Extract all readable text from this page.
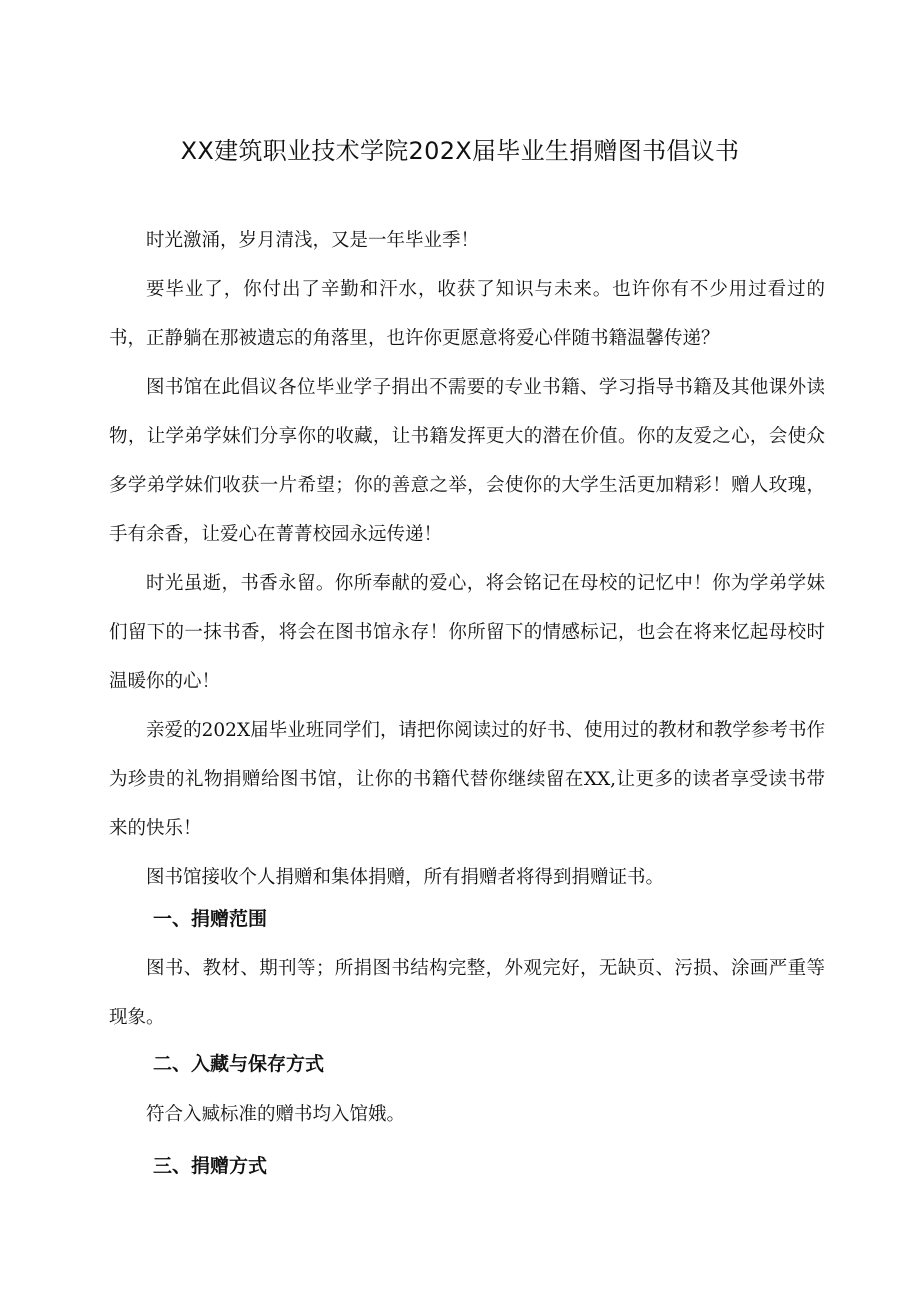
XX建筑职业技术学院202X届毕业生捐赠图书倡议书

时光激涌，岁月清浅，又是一年毕业季！

要毕业了，你付出了辛勤和汗水，收获了知识与未来。也许你有不少用过看过的书，正静躺在那被遗忘的角落里，也许你更愿意将爱心伴随书籍温馨传递？

图书馆在此倡议各位毕业学子捐出不需要的专业书籍、学习指导书籍及其他课外读物，让学弟学妹们分享你的收藏，让书籍发挥更大的潜在价值。你的友爱之心，会使众多学弟学妹们收获一片希望；你的善意之举，会使你的大学生活更加精彩！赠人玫瑰，手有余香，让爱心在菁菁校园永远传递！

时光虽逝，书香永留。你所奉献的爱心，将会铭记在母校的记忆中！你为学弟学妹们留下的一抹书香，将会在图书馆永存！你所留下的情感标记，也会在将来忆起母校时温暖你的心！

亲爱的202X届毕业班同学们，请把你阅读过的好书、使用过的教材和教学参考书作为珍贵的礼物捐赠给图书馆，让你的书籍代替你继续留在XX,让更多的读者享受读书带来的快乐！

图书馆接收个人捐赠和集体捐赠，所有捐赠者将得到捐赠证书。

一、捐赠范围

图书、教材、期刊等；所捐图书结构完整，外观完好，无缺页、污损、涂画严重等现象。

二、入藏与保存方式

符合入臧标准的赠书均入馆娥。

三、捐赠方式
